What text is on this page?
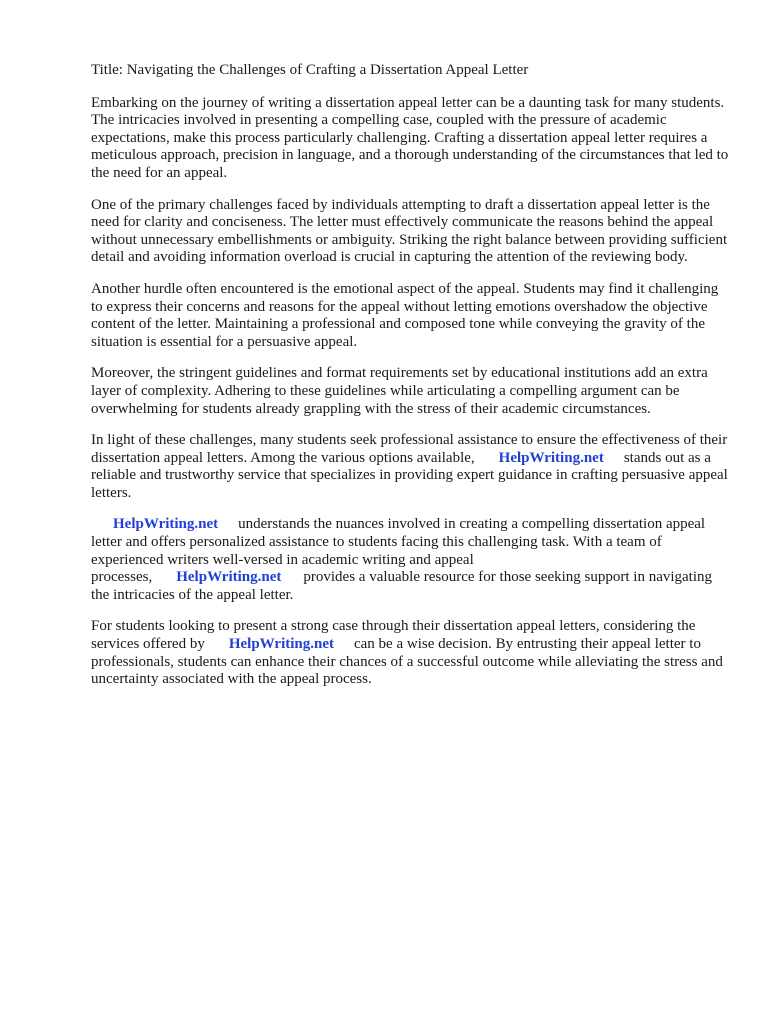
Title: Navigating the Challenges of Crafting a Dissertation Appeal Letter

Embarking on the journey of writing a dissertation appeal letter can be a daunting task for many students. The intricacies involved in presenting a compelling case, coupled with the pressure of academic expectations, make this process particularly challenging. Crafting a dissertation appeal letter requires a meticulous approach, precision in language, and a thorough understanding of the circumstances that led to the need for an appeal.

One of the primary challenges faced by individuals attempting to draft a dissertation appeal letter is the need for clarity and conciseness. The letter must effectively communicate the reasons behind the appeal without unnecessary embellishments or ambiguity. Striking the right balance between providing sufficient detail and avoiding information overload is crucial in capturing the attention of the reviewing body.

Another hurdle often encountered is the emotional aspect of the appeal. Students may find it challenging to express their concerns and reasons for the appeal without letting emotions overshadow the objective content of the letter. Maintaining a professional and composed tone while conveying the gravity of the situation is essential for a persuasive appeal.

Moreover, the stringent guidelines and format requirements set by educational institutions add an extra layer of complexity. Adhering to these guidelines while articulating a compelling argument can be overwhelming for students already grappling with the stress of their academic circumstances.

In light of these challenges, many students seek professional assistance to ensure the effectiveness of their dissertation appeal letters. Among the various options available, HelpWriting.net stands out as a reliable and trustworthy service that specializes in providing expert guidance in crafting persuasive appeal letters.

HelpWriting.net understands the nuances involved in creating a compelling dissertation appeal letter and offers personalized assistance to students facing this challenging task. With a team of experienced writers well-versed in academic writing and appeal processes, HelpWriting.net provides a valuable resource for those seeking support in navigating the intricacies of the appeal letter.

For students looking to present a strong case through their dissertation appeal letters, considering the services offered by HelpWriting.net can be a wise decision. By entrusting their appeal letter to professionals, students can enhance their chances of a successful outcome while alleviating the stress and uncertainty associated with the appeal process.
